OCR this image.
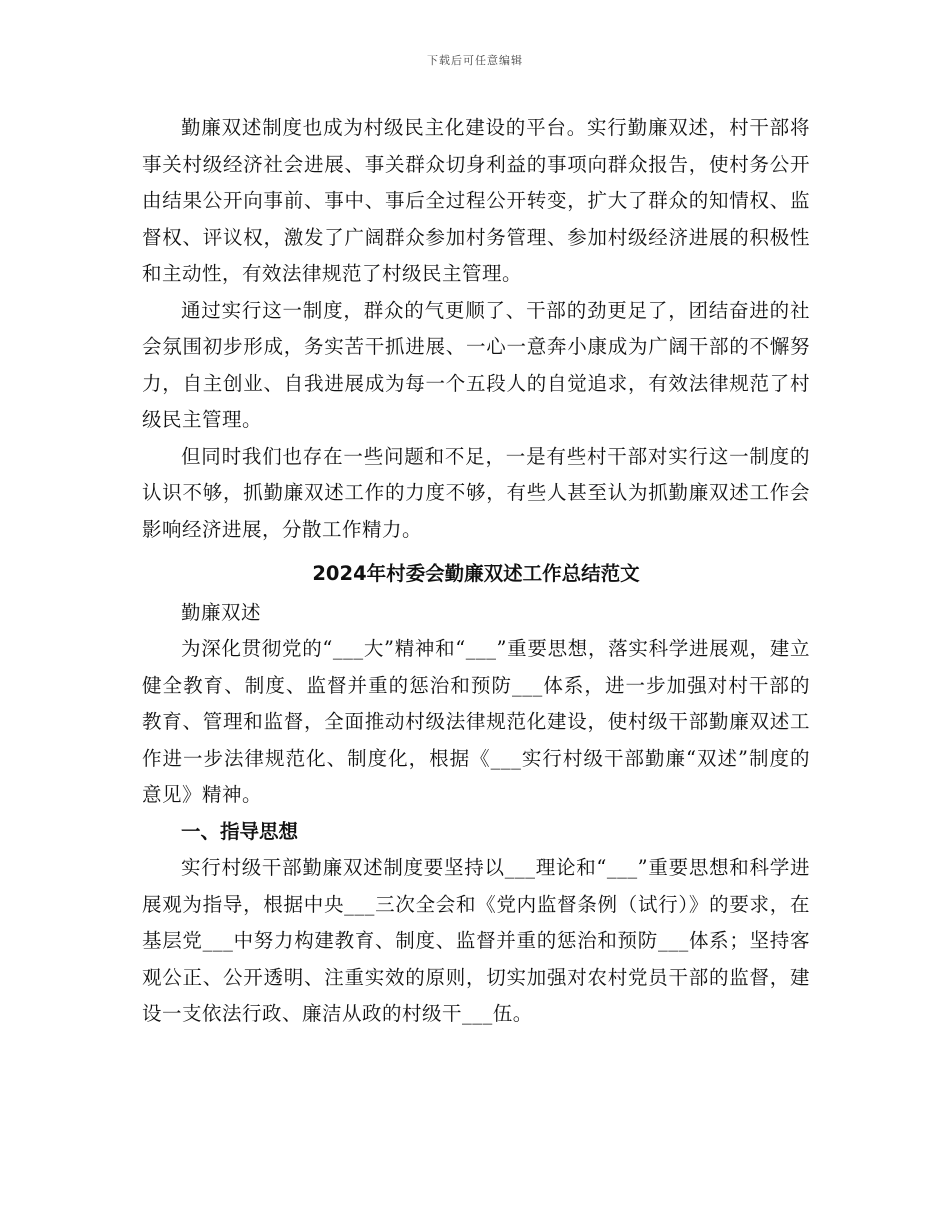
下载后可任意编辑

勤廉双述制度也成为村级民主化建设的平台。实行勤廉双述，村干部将事关村级经济社会进展、事关群众切身利益的事项向群众报告，使村务公开由结果公开向事前、事中、事后全过程公开转变，扩大了群众的知情权、监督权、评议权，激发了广阔群众参加村务管理、参加村级经济进展的积极性和主动性，有效法律规范了村级民主管理。

通过实行这一制度，群众的气更顺了、干部的劲更足了，团结奋进的社会氛围初步形成，务实苦干抓进展、一心一意奔小康成为广阔干部的不懈努力，自主创业、自我进展成为每一个五段人的自觉追求，有效法律规范了村级民主管理。

但同时我们也存在一些问题和不足，一是有些村干部对实行这一制度的认识不够，抓勤廉双述工作的力度不够，有些人甚至认为抓勤廉双述工作会影响经济进展，分散工作精力。

2024年村委会勤廉双述工作总结范文

勤廉双述

为深化贯彻党的“___大”精神和“___”重要思想，落实科学进展观，建立健全教育、制度、监督并重的惩治和预防___体系，进一步加强对村干部的教育、管理和监督，全面推动村级法律规范化建设，使村级干部勤廉双述工作进一步法律规范化、制度化，根据《___实行村级干部勤廉“双述”制度的意见》精神。

一、指导思想

实行村级干部勤廉双述制度要坚持以___理论和“___”重要思想和科学进展观为指导，根据中央___三次全会和《党内监督条例（试行）》的要求，在基层党___中努力构建教育、制度、监督并重的惩治和预防___体系；坚持客观公正、公开透明、注重实效的原则，切实加强对农村党员干部的监督，建设一支依法行政、廉洁从政的村级干___伍。
